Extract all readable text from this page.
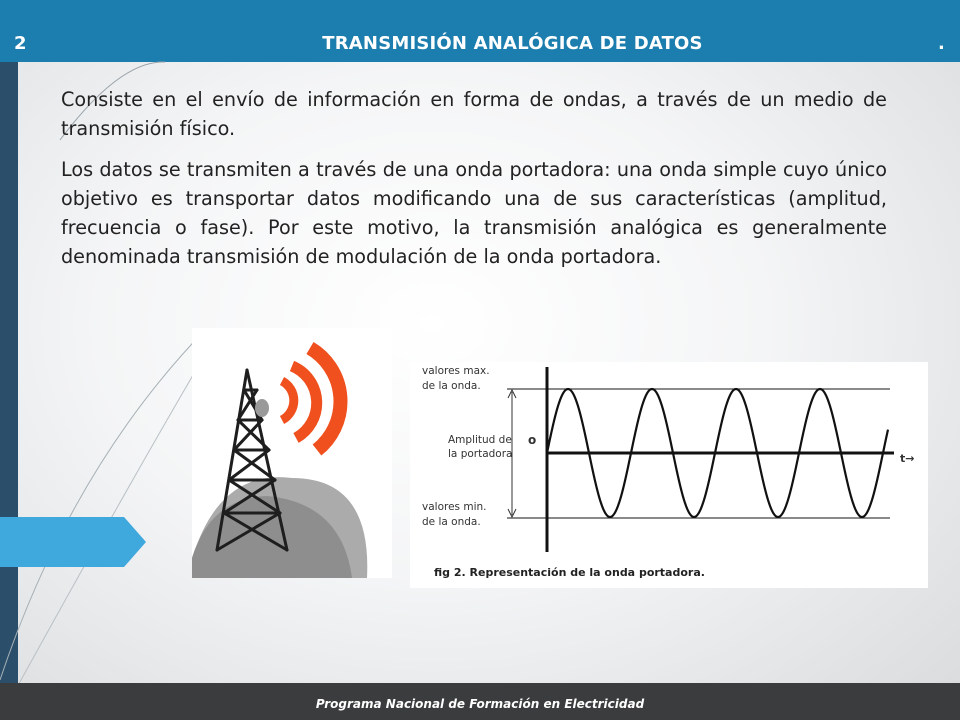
2	TRANSMISIÓN ANALÓGICA DE DATOS	.

Consiste en el envío de información en forma de ondas, a través de un medio de transmisión físico.

Los datos se transmiten a través de una onda portadora: una onda simple cuyo único objetivo es transportar datos modificando una de sus características (amplitud, frecuencia o fase). Por este motivo, la transmisión analógica es generalmente denominada transmisión de modulación de la onda portadora.

valores max.
de la onda.
Amplitud de
la portadora
o
valores min.
de la onda.
t→
fig 2. Representación de la onda portadora.
Programa Nacional de Formación en Electricidad
